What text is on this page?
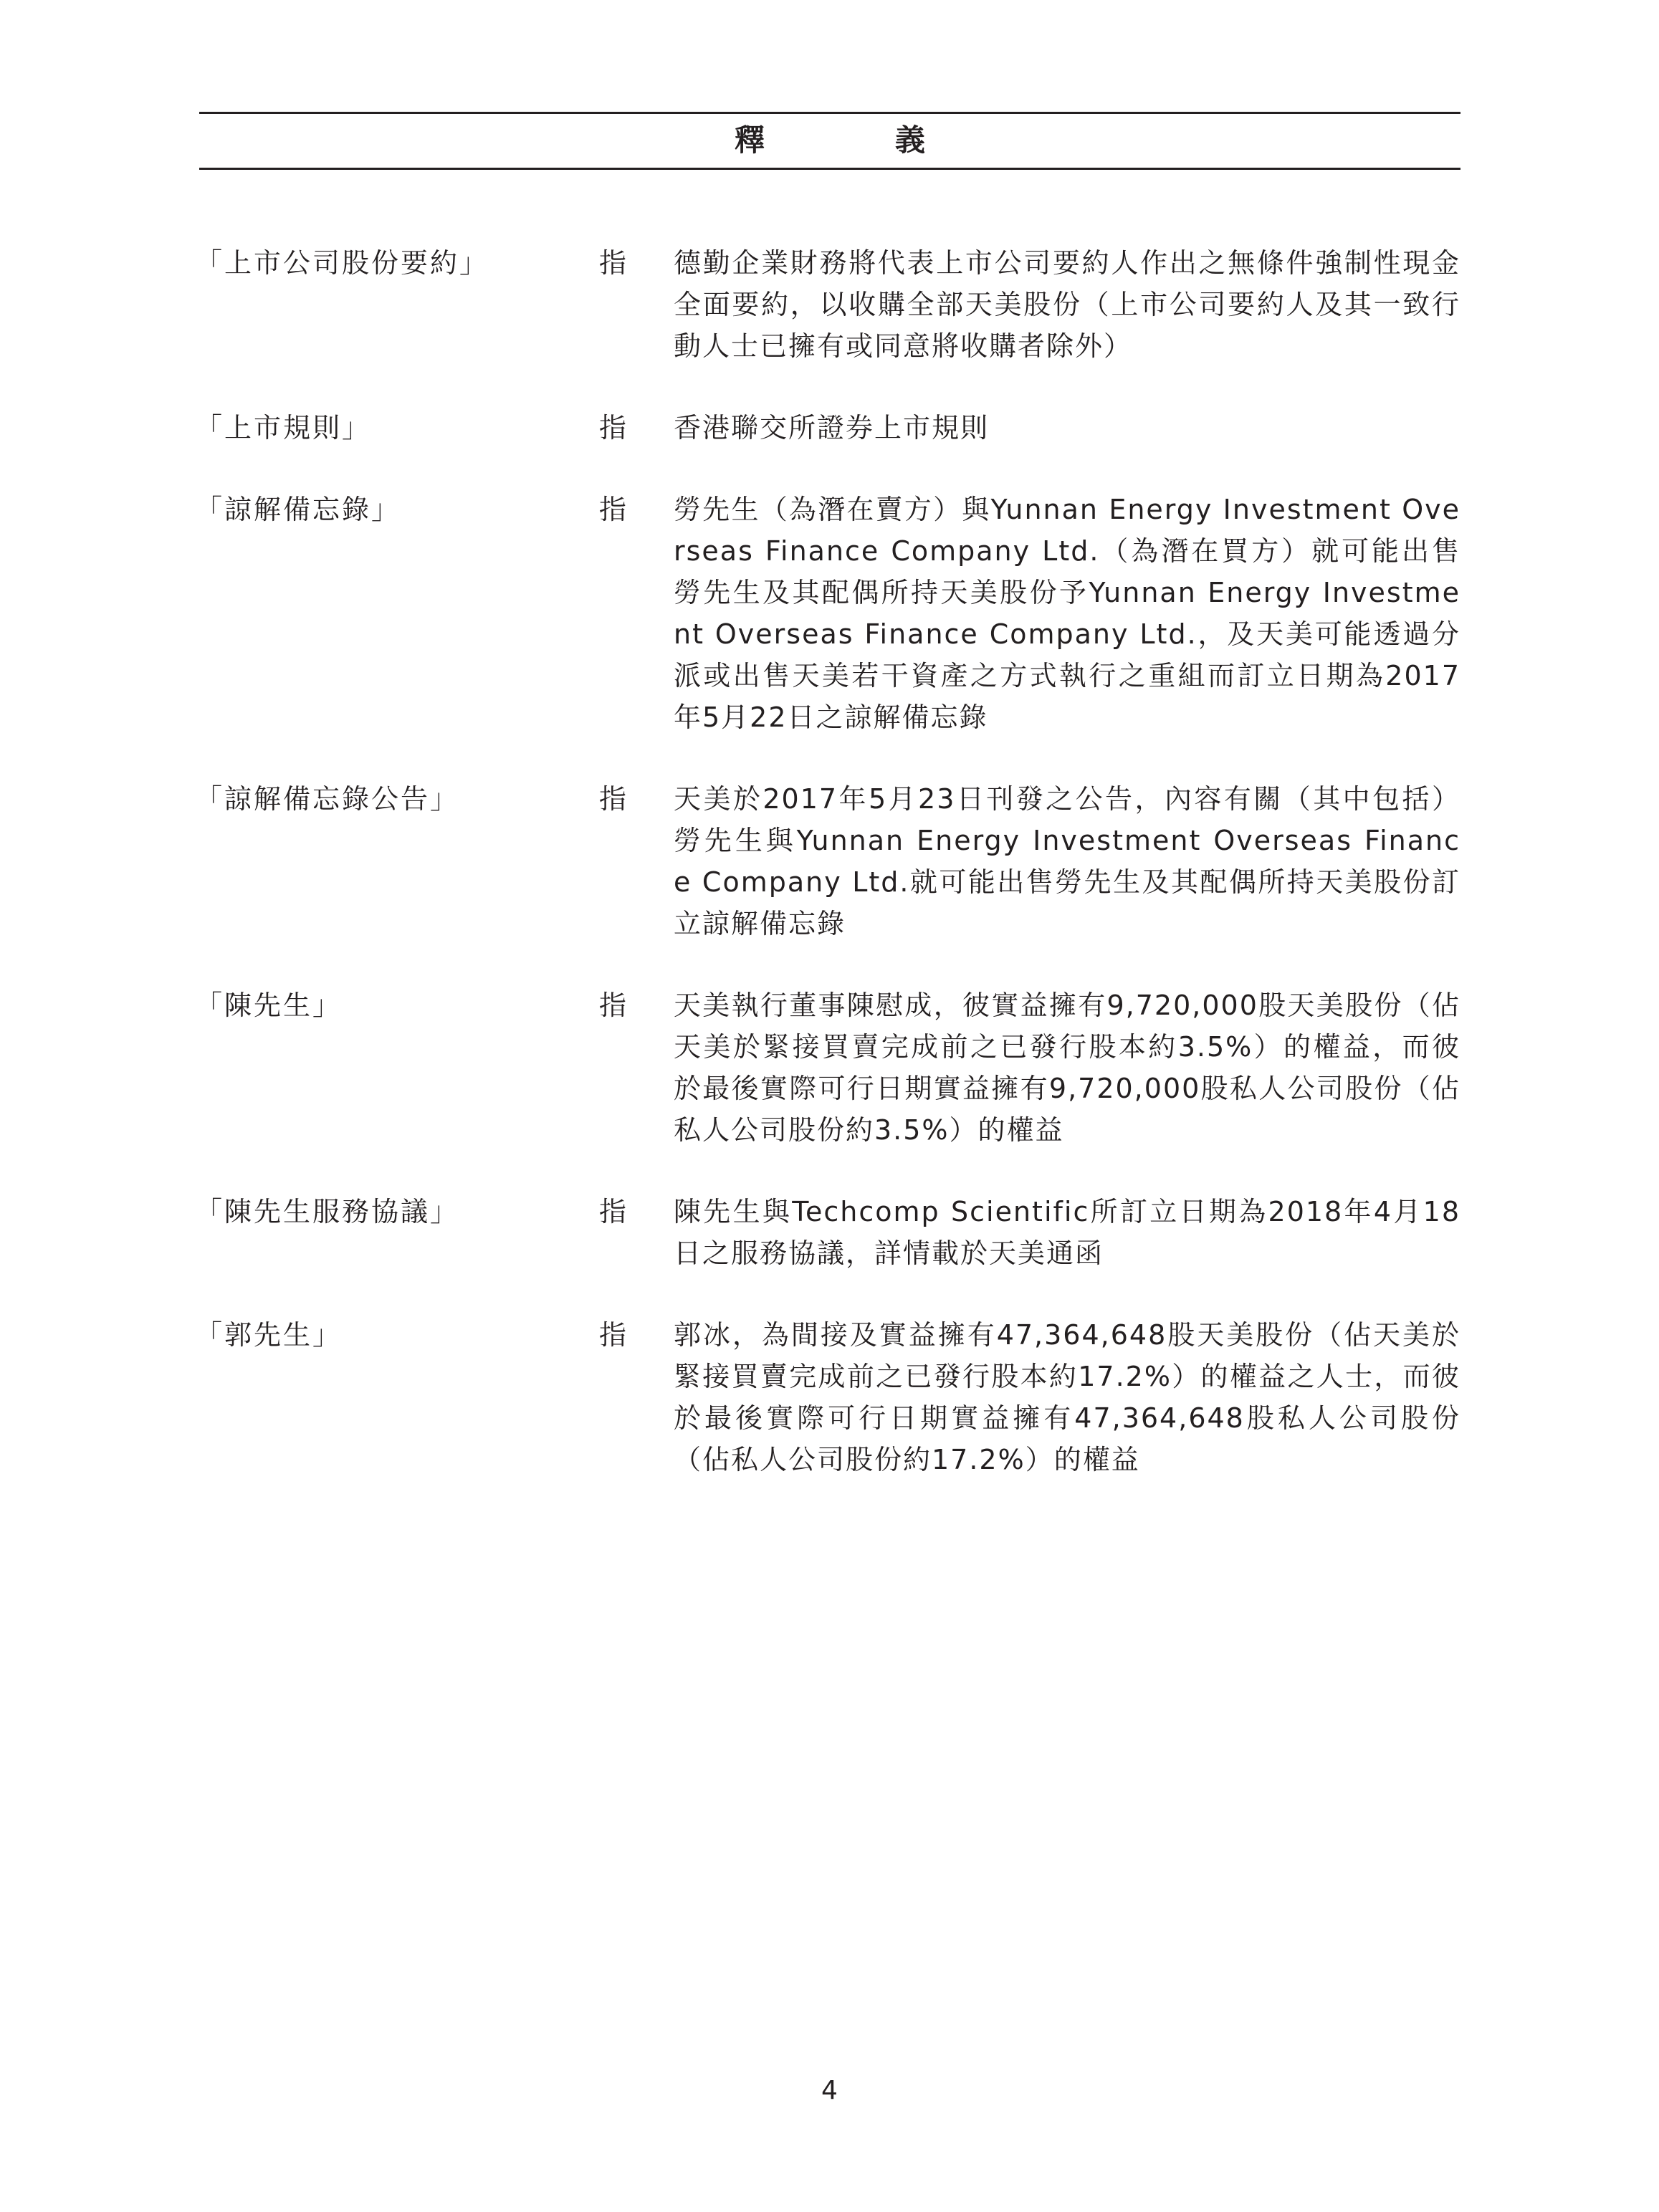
釋　義
「上市公司股份要約」	指 德勤企業財務將代表上市公司要約人作出之無條件強制性現金全面要約，以收購全部天美股份（上市公司要約人及其一致行動人士已擁有或同意將收購者除外）
「上市規則」	指 香港聯交所證券上市規則
「諒解備忘錄」	指 勞先生（為潛在賣方）與Yunnan Energy Investment Overseas Finance Company Ltd.（為潛在買方）就可能出售勞先生及其配偶所持天美股份予Yunnan Energy Investment Overseas Finance Company Ltd.，及天美可能透過分派或出售天美若干資產之方式執行之重組而訂立日期為2017年5月22日之諒解備忘錄
「諒解備忘錄公告」	指 天美於2017年5月23日刊發之公告，內容有關（其中包括）勞先生與Yunnan Energy Investment Overseas Finance Company Ltd.就可能出售勞先生及其配偶所持天美股份訂立諒解備忘錄
「陳先生」	指 天美執行董事陳慰成，彼實益擁有9,720,000股天美股份（佔天美於緊接買賣完成前之已發行股本約3.5%）的權益，而彼於最後實際可行日期實益擁有9,720,000股私人公司股份（佔私人公司股份約3.5%）的權益
「陳先生服務協議」	指 陳先生與Techcomp Scientific所訂立日期為2018年4月18日之服務協議，詳情載於天美通函
「郭先生」	指 郭冰，為間接及實益擁有47,364,648股天美股份（佔天美於緊接買賣完成前之已發行股本約17.2%）的權益之人士，而彼於最後實際可行日期實益擁有47,364,648股私人公司股份（佔私人公司股份約17.2%）的權益
4
